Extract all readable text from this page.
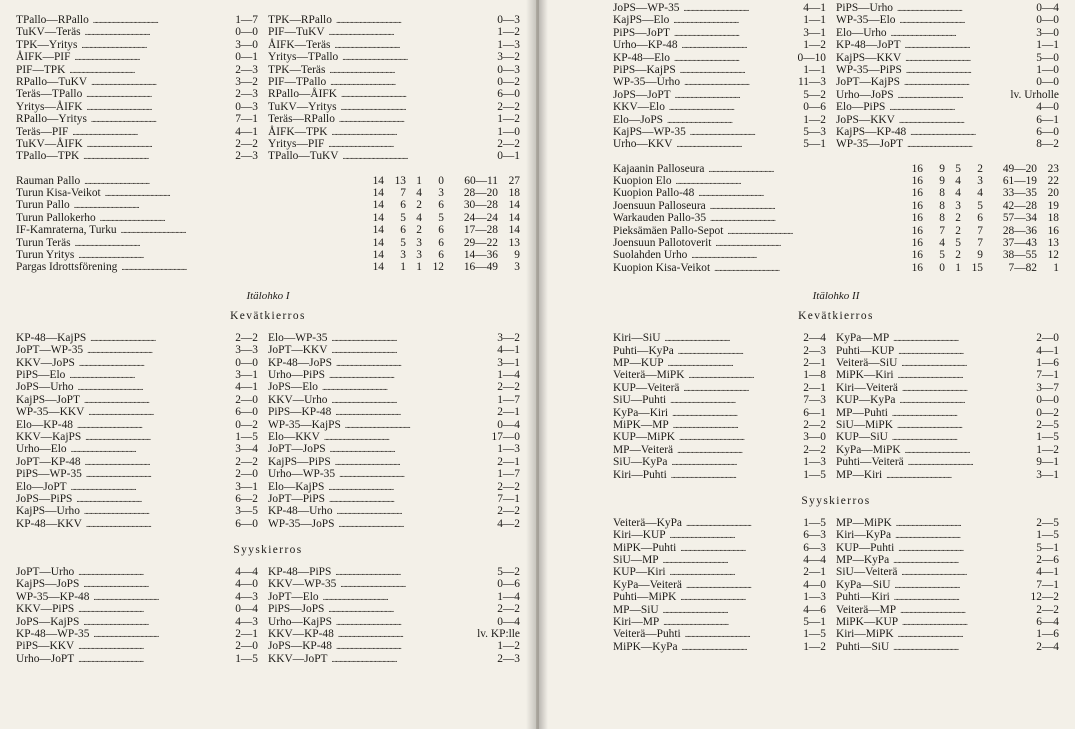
TPallo—RPallo . . .	1—7
TuKV—Teräs . . .	0—0
TPK—Yritys . . .	3—0
ÅIFK—PIF . . .	0—1
PIF—TPK . . .	2—3
RPallo—TuKV . . .	3—2
Teräs—TPallo . . .	2—3
Yritys—ÅIFK . . .	0—3
RPallo—Yritys . . .	7—1
Teräs—PIF . . .	4—1
TuKV—ÅIFK . . .	2—2
TPallo—TPK . . .	2—3
TPK—RPallo . . .	0—3
PIF—TuKV . . .	1—2
ÅIFK—Teräs . . .	1—3
Yritys—TPallo . . .	3—2
TPK—Teräs . . .	0—3
PIF—TPallo . . .	0—2
RPallo—ÅIFK . . .	6—0
TuKV—Yritys . . .	2—2
Teräs—RPallo . . .	1—2
ÅIFK—TPK . . .	1—0
Yritys—PIF . . .	2—2
TPallo—TuKV . . .	0—1
Rauman Pallo . . .	14 13 1	0	60—11 27
Turun Kisa-Veikot . . .	14	7 4	3	28—20 18
Turun Pallo . . .	14	6 2	6	30—28 14
Turun Pallokerho . . .	14	5 4	5	24—24 14
IF-Kamraterna, Turku . . .	14	6 2	6	17—28 14
Turun Teräs . . .	14	5 3	6	29—22 13
Turun Yritys . . .	14	3 3	6	14—36	9
Pargas Idrottsförening . . .	14	1 1 12	16—49	3
Itälohko I
Kevätkierros
KP-48—KajPS . . .	2—2
JoPT—WP-35 . . .	3—3
KKV—JoPS . . .	0—0
PiPS—Elo . . .	3—1
JoPS—Urho . . .	4—1
KajPS—JoPT . . .	2—0
WP-35—KKV . . .	6—0
Elo—KP-48 . . .	0—2
KKV—KajPS . . .	1—5
Urho—Elo . . .	3—4
JoPT—KP-48 . . .	2—2
PiPS—WP-35 . . .	2—0
Elo—JoPT . . .	3—1
JoPS—PiPS . . .	6—2
KajPS—Urho . . .	3—5
KP-48—KKV . . .	6—0
Elo—WP-35 . . .	3—2
JoPT—KKV . . .	4—1
KP-48—JoPS . . .	3—1
Urho—PiPS . . .	1—4
JoPS—Elo . . .	2—2
KKV—Urho . . .	1—7
PiPS—KP-48 . . .	2—1
WP-35—KajPS . . .	0—4
Elo—KKV . . .	17—0
JoPT—JoPS . . .	1—3
KajPS—PiPS . . .	2—1
Urho—WP-35 . . .	1—7
Elo—KajPS . . .	2—2
JoPT—PiPS . . .	7—1
KP-48—Urho . . .	2—2
WP-35—JoPS . . .	4—2
Syyskierros
JoPT—Urho . . .	4—4
KajPS—JoPS . . .	4—0
WP-35—KP-48 . . .	4—3
KKV—PiPS . . .	0—4
JoPS—KajPS . . .	4—3
KP-48—WP-35 . . .	2—1
PiPS—KKV . . .	2—0
Urho—JoPT . . .	1—5
KP-48—PiPS . . .	5—2
KKV—WP-35 . . .	0—6
JoPT—Elo . . .	1—4
PiPS—JoPS . . .	2—2
Urho—KajPS . . .	0—4
KKV—KP-48 . . .	lv. KP:lle
JoPS—KP-48 . . .	1—2
KKV—JoPT . . .	2—3
JoPS—WP-35 . . .	4—1
KajPS—Elo . . .	1—1
PiPS—JoPT . . .	3—1
Urho—KP-48 . . .	1—2
KP-48—Elo . . .	0—10
PiPS—KajPS . . .	1—1
WP-35—Urho . . .	11—3
JoPS—JoPT . . .	5—2
KKV—Elo . . .	0—6
Elo—JoPS . . .	1—2
KajPS—WP-35 . . .	5—3
Urho—KKV . . .	5—1
PiPS—Urho . . .	0—4
WP-35—Elo . . .	0—0
Elo—Urho . . .	3—0
KP-48—JoPT . . .	1—1
KajPS—KKV . . .	5—0
WP-35—PiPS . . .	1—0
JoPT—KajPS . . .	0—0
Urho—JoPS . . .	lv. Urholle
Elo—PiPS . . .	4—0
JoPS—KKV . . .	6—1
KajPS—KP-48 . . .	6—0
WP-35—JoPT . . .	8—2
Kajaanin Palloseura . . .	16	9 5	2	49—20 23
Kuopion Elo . . .	16	9 4	3	61—19 22
Kuopion Pallo-48 . . .	16	8 4	4	33—35 20
Joensuun Palloseura . . .	16	8 3	5	42—28 19
Warkauden Pallo-35 . . .	16	8 2	6	57—34 18
Pieksämäen Pallo-Sepot . . .	16	7 2	7	28—36 16
Joensuun Pallotoverit . . .	16	4 5	7	37—43 13
Suolahden Urho . . .	16	5 2	9	38—55 12
Kuopion Kisa-Veikot . . .	16	0 1 15	7—82	1
Itälohko II
Kevätkierros
Kiri—SiU . . .	2—4
Puhti—KyPa . . .	2—3
MP—KUP . . .	2—1
Veiterä—MiPK . . .	1—8
KUP—Veiterä . . .	2—1
SiU—Puhti . . .	7—3
KyPa—Kiri . . .	6—1
MiPK—MP . . .	2—2
KUP—MiPK . . .	3—0
MP—Veiterä . . .	2—2
SiU—KyPa . . .	1—3
Kiri—Puhti . . .	1—5
KyPa—MP . . .	2—0
Puhti—KUP . . .	4—1
Veiterä—SiU . . .	1—6
MiPK—Kiri . . .	7—1
Kiri—Veiterä . . .	3—7
KUP—KyPa . . .	0—0
MP—Puhti . . .	0—2
SiU—MiPK . . .	2—5
KUP—SiU . . .	1—5
KyPa—MiPK . . .	1—2
Puhti—Veiterä . . .	9—1
MP—Kiri . . .	3—1
Syyskierros
Veiterä—KyPa . . .	1—5
Kiri—KUP . . .	6—3
MiPK—Puhti . . .	6—3
SiU—MP . . .	4—4
KUP—Kiri . . .	2—1
KyPa—Veiterä . . .	4—0
Puhti—MiPK . . .	1—3
MP—SiU . . .	4—6
Kiri—MP . . .	5—1
Veiterä—Puhti . . .	1—5
MiPK—KyPa . . .	1—2
MP—MiPK . . .	2—5
Kiri—KyPa . . .	1—5
KUP—Puhti . . .	5—1
MP—KyPa . . .	2—6
SiU—Veiterä . . .	4—1
KyPa—SiU . . .	7—1
Puhti—Kiri . . .	12—2
Veiterä—MP . . .	2—2
MiPK—KUP . . .	6—4
Kiri—MiPK . . .	1—6
Puhti—SiU . . .	2—4
